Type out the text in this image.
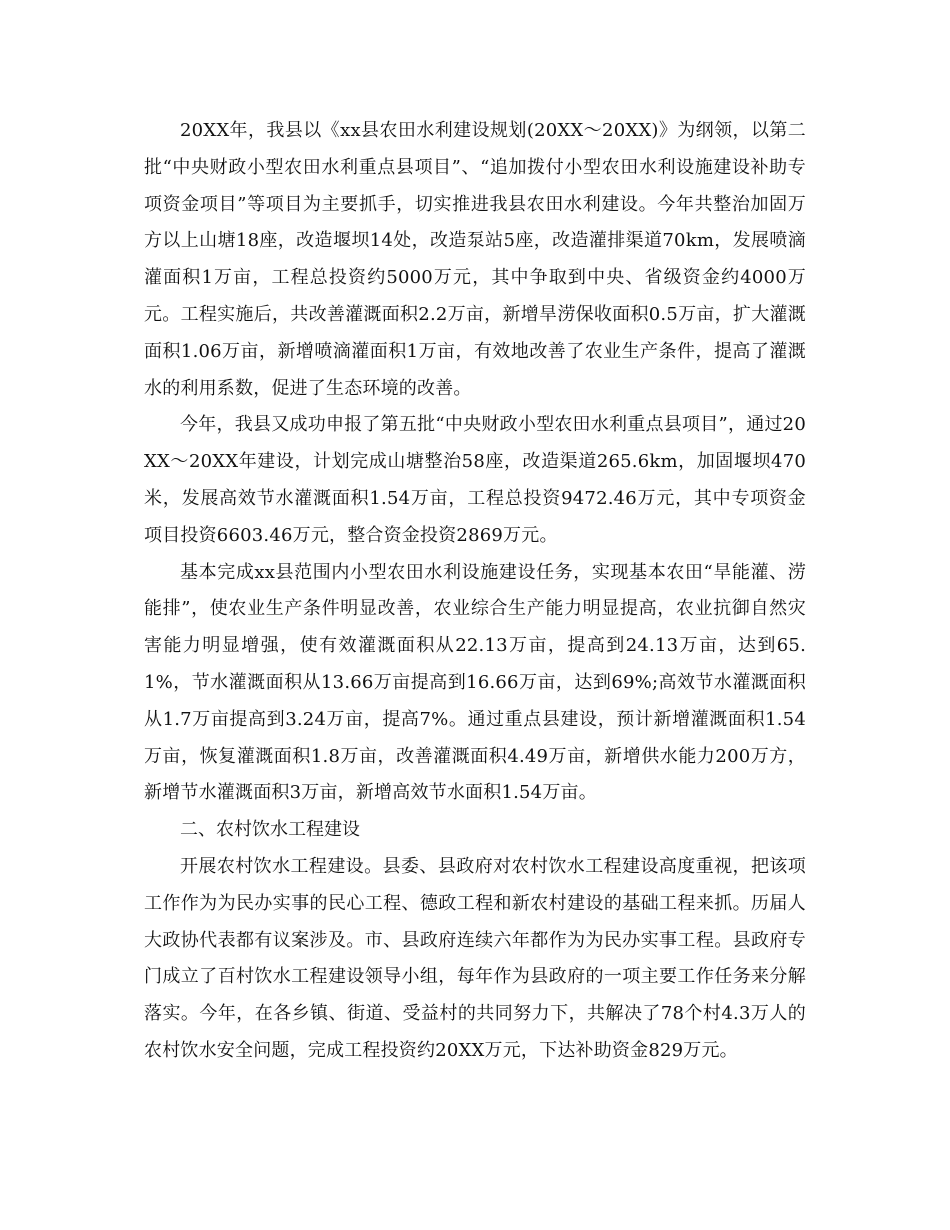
20XX年，我县以《xx县农田水利建设规划(20XX～20XX)》为纲领，以第二批“中央财政小型农田水利重点县项目”、“追加拨付小型农田水利设施建设补助专项资金项目”等项目为主要抓手，切实推进我县农田水利建设。今年共整治加固万方以上山塘18座，改造堰坝14处，改造泵站5座，改造灌排渠道70km，发展喷滴灌面积1万亩，工程总投资约5000万元，其中争取到中央、省级资金约4000万元。工程实施后，共改善灌溉面积2.2万亩，新增旱涝保收面积0.5万亩，扩大灌溉面积1.06万亩，新增喷滴灌面积1万亩，有效地改善了农业生产条件，提高了灌溉水的利用系数，促进了生态环境的改善。

今年，我县又成功申报了第五批“中央财政小型农田水利重点县项目”，通过20XX～20XX年建设，计划完成山塘整治58座，改造渠道265.6km，加固堰坝470米，发展高效节水灌溉面积1.54万亩，工程总投资9472.46万元，其中专项资金项目投资6603.46万元，整合资金投资2869万元。

基本完成xx县范围内小型农田水利设施建设任务，实现基本农田“旱能灌、涝能排”，使农业生产条件明显改善，农业综合生产能力明显提高，农业抗御自然灾害能力明显增强，使有效灌溉面积从22.13万亩，提高到24.13万亩，达到65.1%，节水灌溉面积从13.66万亩提高到16.66万亩，达到69%;高效节水灌溉面积从1.7万亩提高到3.24万亩，提高7%。通过重点县建设，预计新增灌溉面积1.54万亩，恢复灌溉面积1.8万亩，改善灌溉面积4.49万亩，新增供水能力200万方，新增节水灌溉面积3万亩，新增高效节水面积1.54万亩。

二、农村饮水工程建设

开展农村饮水工程建设。县委、县政府对农村饮水工程建设高度重视，把该项工作作为为民办实事的民心工程、德政工程和新农村建设的基础工程来抓。历届人大政协代表都有议案涉及。市、县政府连续六年都作为为民办实事工程。县政府专门成立了百村饮水工程建设领导小组，每年作为县政府的一项主要工作任务来分解落实。今年，在各乡镇、街道、受益村的共同努力下，共解决了78个村4.3万人的农村饮水安全问题，完成工程投资约20XX万元，下达补助资金829万元。
